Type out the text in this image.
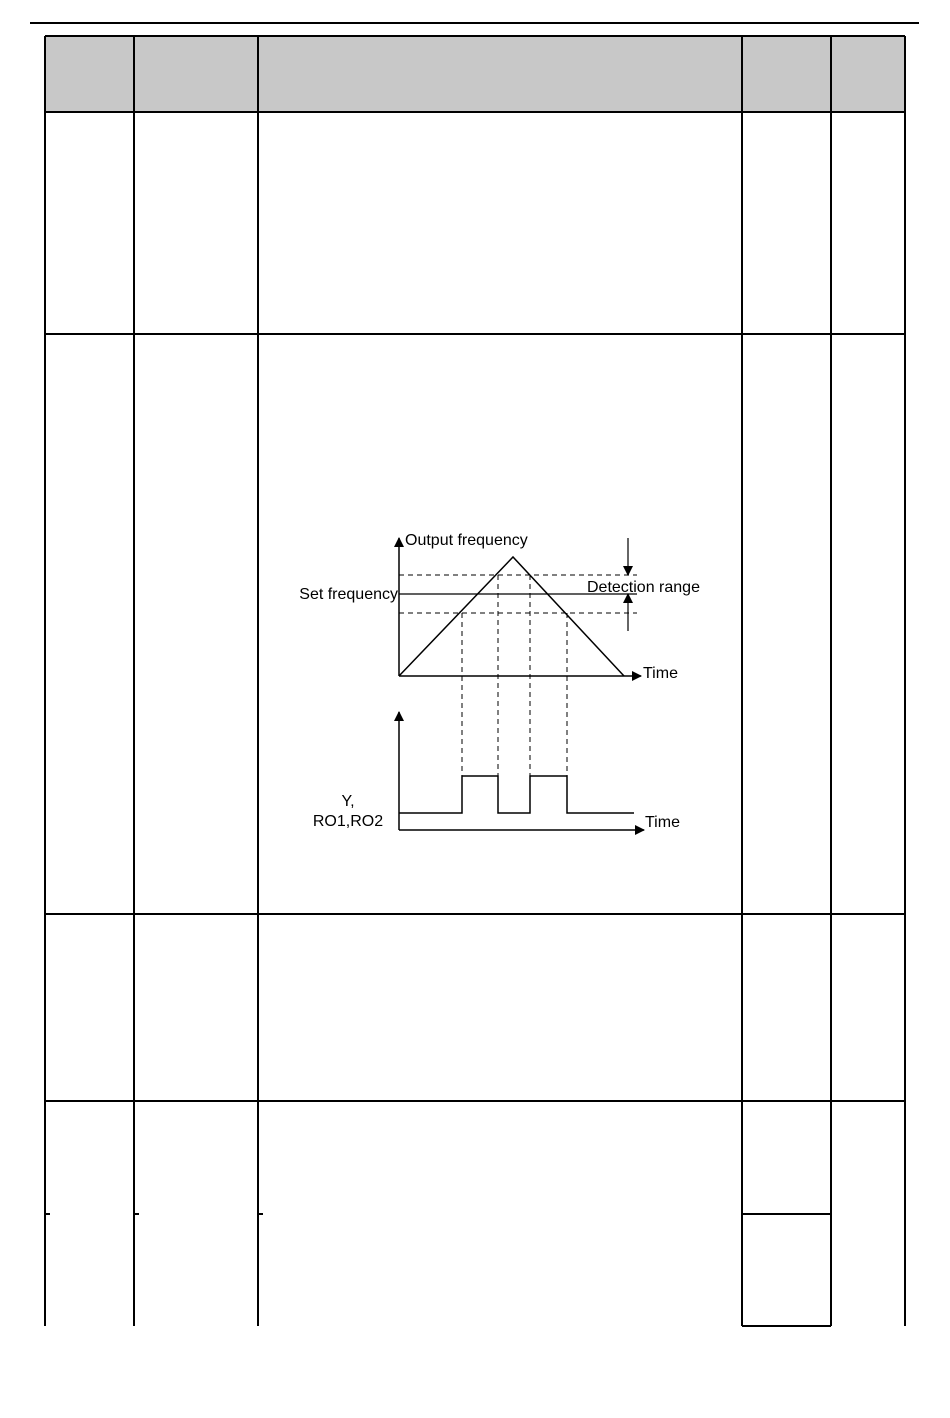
Output frequency
Set frequency	Detection range
Time
Y,
RO1,RO2	Time
